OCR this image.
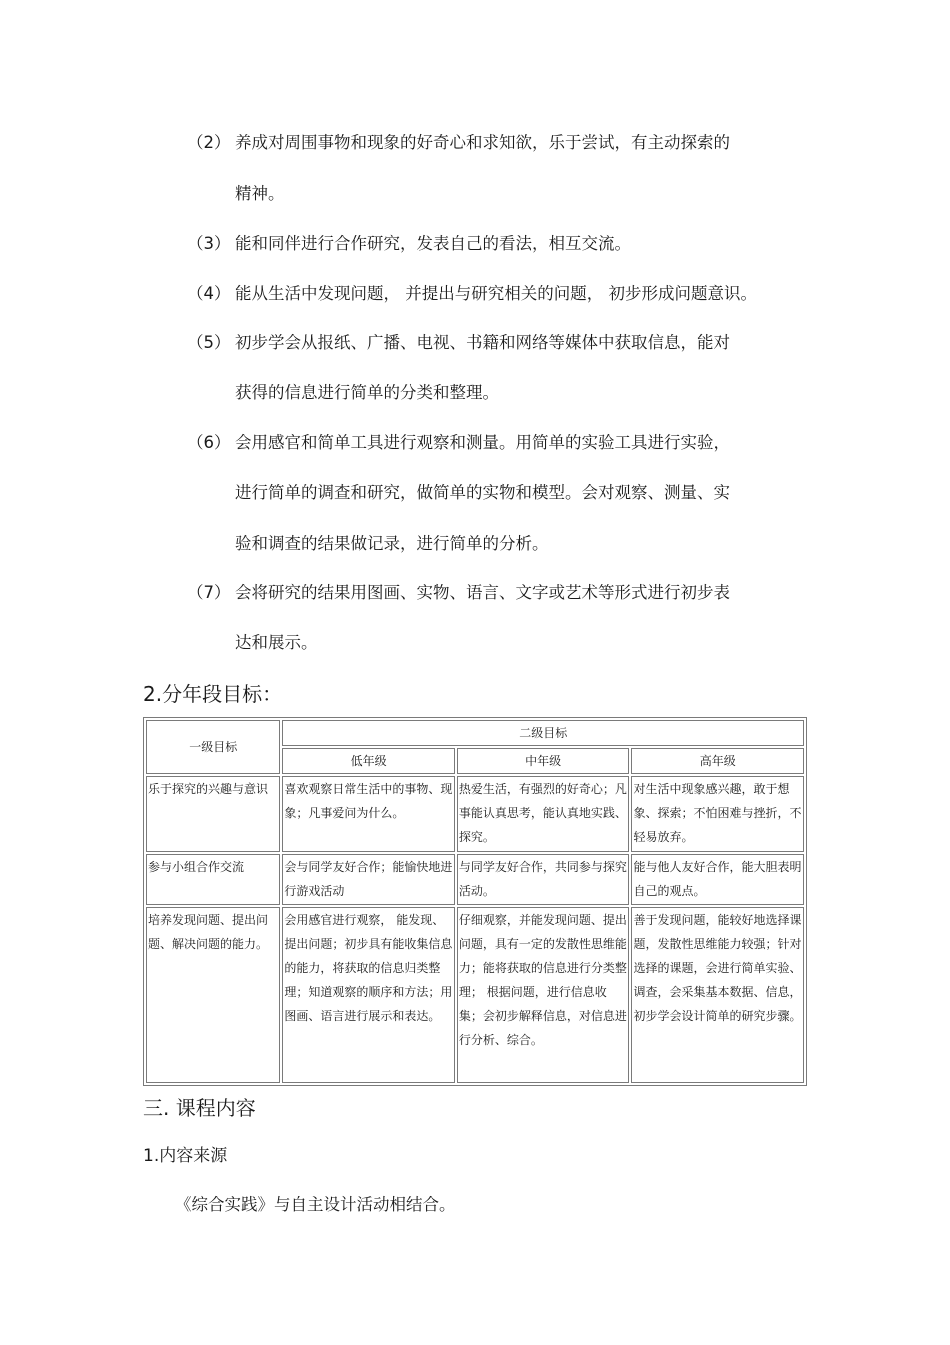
（2） 养成对周围事物和现象的好奇心和求知欲，乐于尝试，有主动探索的
精神。
（3） 能和同伴进行合作研究，发表自己的看法，相互交流。
（4） 能从生活中发现问题， 并提出与研究相关的问题， 初步形成问题意识。
（5） 初步学会从报纸、广播、电视、书籍和网络等媒体中获取信息，能对
获得的信息进行简单的分类和整理。
（6） 会用感官和简单工具进行观察和测量。用简单的实验工具进行实验，
进行简单的调查和研究，做简单的实物和模型。会对观察、测量、实
验和调查的结果做记录，进行简单的分析。
（7） 会将研究的结果用图画、实物、语言、文字或艺术等形式进行初步表
达和展示。
2.分年段目标：
一级目标	二级目标		
	低年级	中年级	高年级
乐于探究的兴趣与意识	喜欢观察日常生活中的事物、现象；凡事爱问为什么。	热爱生活，有强烈的好奇心；凡事能认真思考，能认真地实践、探究。	对生活中现象感兴趣，敢于想象、探索；不怕困难与挫折，不轻易放弃。
参与小组合作交流	会与同学友好合作；能愉快地进行游戏活动	与同学友好合作，共同参与探究活动。	能与他人友好合作，能大胆表明自己的观点。
培养发现问题、提出问题、解决问题的能力。	会用感官进行观察， 能发现、提出问题；初步具有能收集信息的能力，将获取的信息归类整理；知道观察的顺序和方法；用图画、语言进行展示和表达。	仔细观察，并能发现问题、提出问题，具有一定的发散性思维能力；能将获取的信息进行分类整理； 根据问题，进行信息收集；会初步解释信息，对信息进行分析、综合。	善于发现问题，能较好地选择课题，发散性思维能力较强；针对选择的课题，会进行简单实验、调查，会采集基本数据、信息，初步学会设计简单的研究步骤。
三. 课程内容
1.内容来源
《综合实践》与自主设计活动相结合。
